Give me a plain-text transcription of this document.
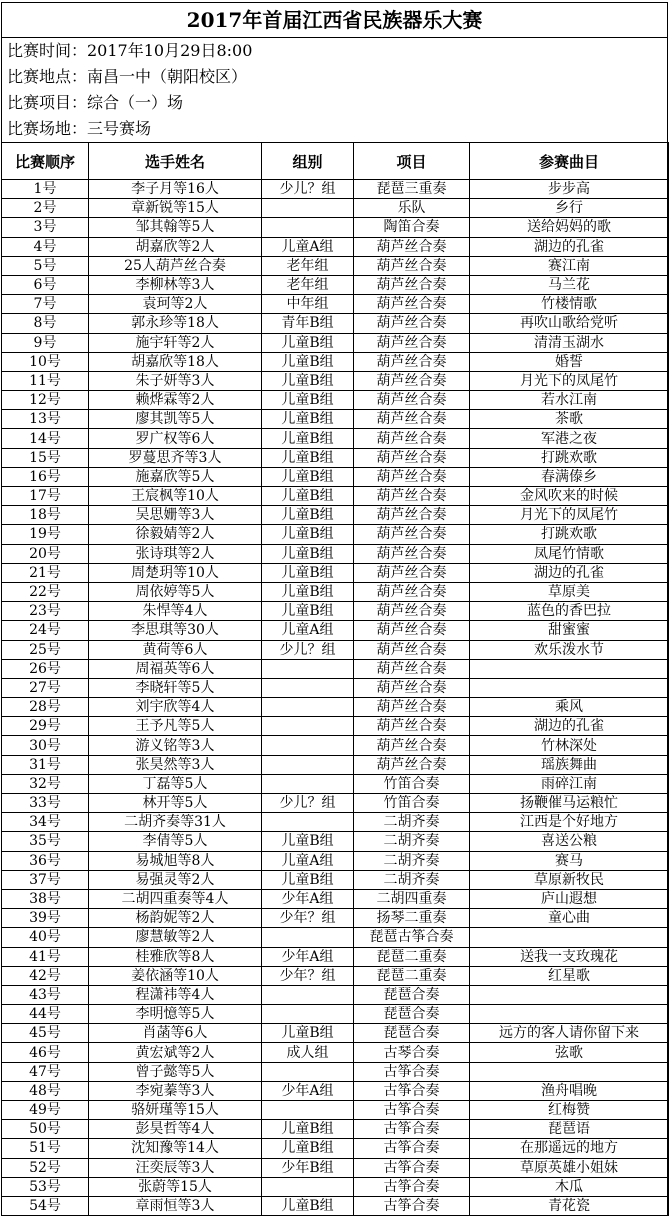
2017年首届江西省民族器乐大赛
比赛时间：2017年10月29日8:00
比赛地点：南昌一中（朝阳校区）
比赛项目：综合（一）场
比赛场地：三号赛场
比赛顺序	选手姓名	组别	项目	参赛曲目
1号	李子月等16人	少儿？组	琵琶三重奏	步步高
2号	章新锐等15人		乐队	乡行
3号	邹其翰等5人		陶笛合奏	送给妈妈的歌
4号	胡嘉欣等2人	儿童A组	葫芦丝合奏	湖边的孔雀
5号	25人葫芦丝合奏	老年组	葫芦丝合奏	赛江南
6号	李柳林等3人	老年组	葫芦丝合奏	马兰花
7号	袁珂等2人	中年组	葫芦丝合奏	竹楼情歌
8号	郭永珍等18人	青年B组	葫芦丝合奏	再吹山歌给党听
9号	施宇轩等2人	儿童B组	葫芦丝合奏	清清玉湖水
10号	胡嘉欣等18人	儿童B组	葫芦丝合奏	婚誓
11号	朱子妍等3人	儿童B组	葫芦丝合奏	月光下的凤尾竹
12号	赖烨霖等2人	儿童B组	葫芦丝合奏	若水江南
13号	廖其凯等5人	儿童B组	葫芦丝合奏	茶歌
14号	罗广权等6人	儿童B组	葫芦丝合奏	军港之夜
15号	罗蔓思齐等3人	儿童B组	葫芦丝合奏	打跳欢歌
16号	施嘉欣等5人	儿童B组	葫芦丝合奏	春满傣乡
17号	王宸枫等10人	儿童B组	葫芦丝合奏	金风吹来的时候
18号	吴思姗等3人	儿童B组	葫芦丝合奏	月光下的凤尾竹
19号	徐毅婧等2人	儿童B组	葫芦丝合奏	打跳欢歌
20号	张诗琪等2人	儿童B组	葫芦丝合奏	凤尾竹情歌
21号	周楚玥等10人	儿童B组	葫芦丝合奏	湖边的孔雀
22号	周依婷等5人	儿童B组	葫芦丝合奏	草原美
23号	朱悍等4人	儿童B组	葫芦丝合奏	蓝色的香巴拉
24号	李思琪等30人	儿童A组	葫芦丝合奏	甜蜜蜜
25号	黄荷等6人	少儿？组	葫芦丝合奏	欢乐泼水节
26号	周福英等6人		葫芦丝合奏	
27号	李晓轩等5人		葫芦丝合奏	
28号	刘宇欣等4人		葫芦丝合奏	乘风
29号	王予凡等5人		葫芦丝合奏	湖边的孔雀
30号	游义铭等3人		葫芦丝合奏	竹林深处
31号	张昊然等3人		葫芦丝合奏	瑶族舞曲
32号	丁磊等5人		竹笛合奏	雨碎江南
33号	林开等5人	少儿？组	竹笛合奏	扬鞭催马运粮忙
34号	二胡齐奏等31人		二胡齐奏	江西是个好地方
35号	李倩等5人	儿童B组	二胡齐奏	喜送公粮
36号	易城旭等8人	儿童A组	二胡齐奏	赛马
37号	易强灵等2人	儿童B组	二胡齐奏	草原新牧民
38号	二胡四重奏等4人	少年A组	二胡四重奏	庐山遐想
39号	杨韵妮等2人	少年？组	扬琴二重奏	童心曲
40号	廖慧敏等2人		琵琶古筝合奏	
41号	桂雅欣等8人	少年A组	琵琶二重奏	送我一支玫瑰花
42号	姜依涵等10人	少年？组	琵琶二重奏	红星歌
43号	程潇祎等4人		琵琶合奏	
44号	李明憶等5人		琵琶合奏	
45号	肖菡等6人	儿童B组	琵琶合奏	远方的客人请你留下来
46号	黄宏斌等2人	成人组	古琴合奏	弦歌
47号	曾子懿等5人		古筝合奏	
48号	李宛蓁等3人	少年A组	古筝合奏	渔舟唱晚
49号	骆妍瑾等15人		古筝合奏	红梅赞
50号	彭昊哲等4人	儿童B组	古筝合奏	琵琶语
51号	沈知豫等14人	儿童B组	古筝合奏	在那遥远的地方
52号	汪奕辰等3人	少年B组	古筝合奏	草原英雄小姐妹
53号	张蔚等15人		古筝合奏	木瓜
54号	章雨恒等3人	儿童B组	古筝合奏	青花瓷
